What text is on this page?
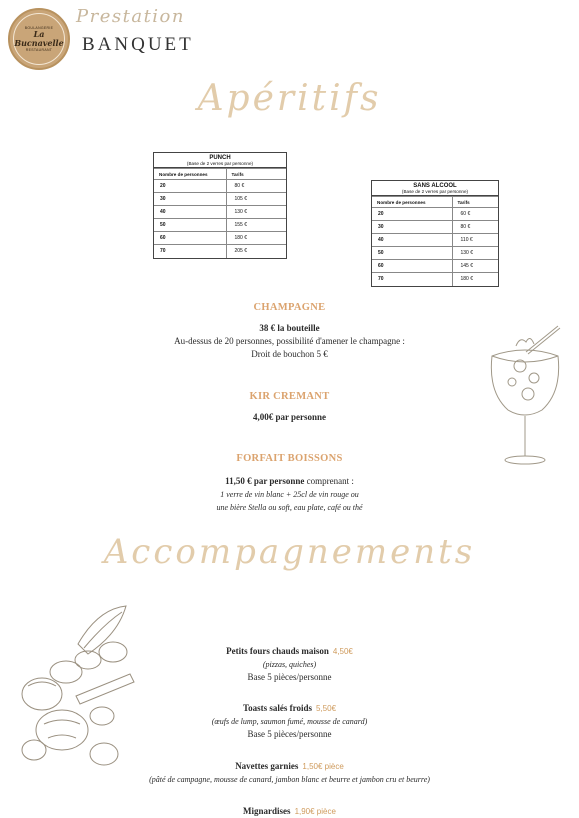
BOULANGERIE
La Bucnavelle
RESTAURANT
Prestation
BANQUET
Apéritifs
PUNCH
(Base de 2 verres par personne)
Nombre de personnes	Tarifs
20	80 €
30	105 €
40	130 €
50	155 €
60	180 €
70	205 €
SANS ALCOOL
(Base de 2 verres par personne)
Nombre de personnes	Tarifs
20	60 €
30	80 €
40	110 €
50	130 €
60	145 €
70	180 €
CHAMPAGNE
38 € la bouteille
Au-dessus de 20 personnes, possibilité d'amener le champagne :
Droit de bouchon 5 €
KIR CREMANT
4,00€ par personne
FORFAIT BOISSONS
11,50 € par personne comprenant :
1 verre de vin blanc + 25cl de vin rouge ou
une bière Stella ou soft, eau plate, café ou thé
Accompagnements
Petits fours chauds maison 4,50€
(pizzas, quiches)
Base 5 pièces/personne
Toasts salés froids 5,50€
(œufs de lump, saumon fumé, mousse de canard)
Base 5 pièces/personne
Navettes garnies 1,50€ pièce
(pâté de campagne, mousse de canard, jambon blanc et beurre et jambon cru et beurre)
Mignardises 1,90€ pièce
